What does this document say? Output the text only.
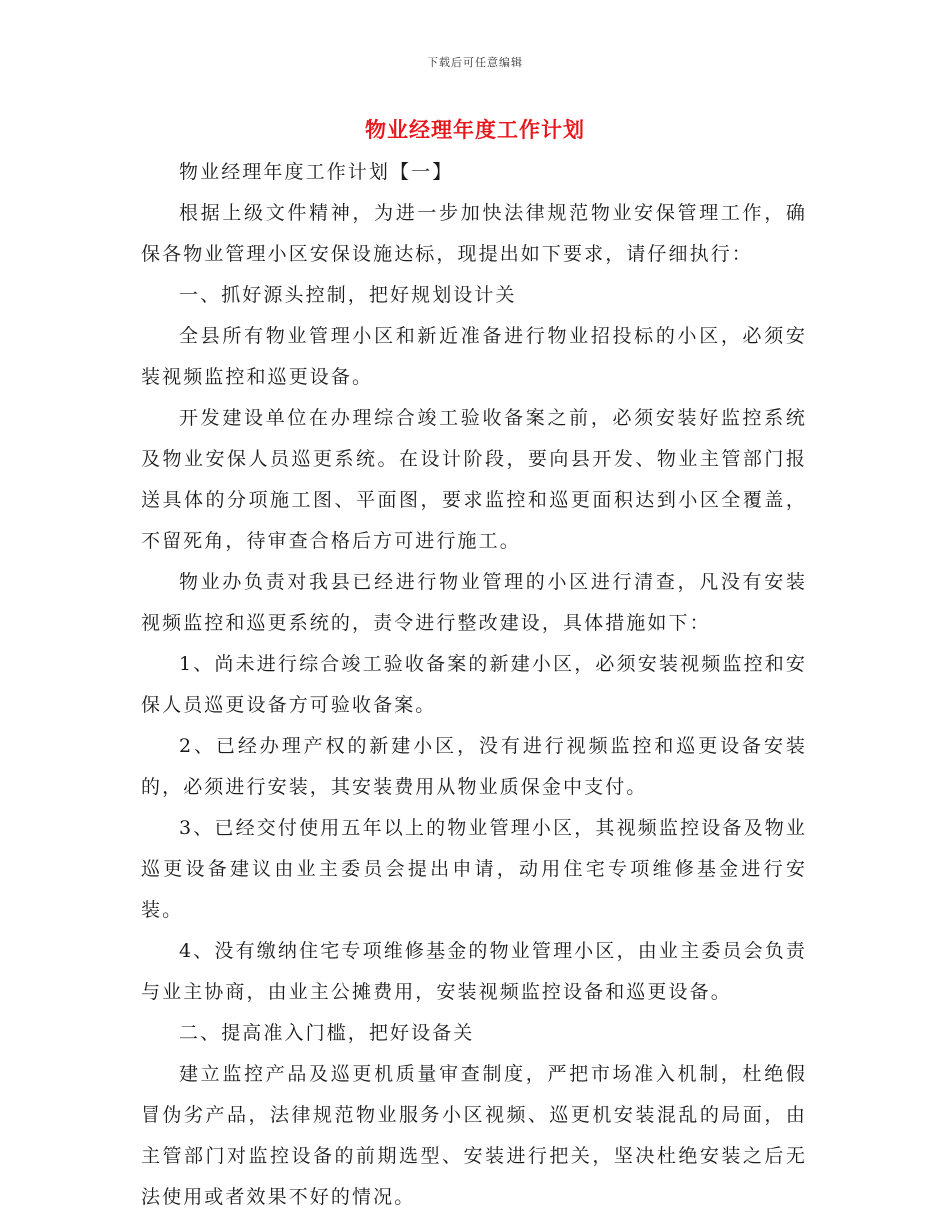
下载后可任意编辑
物业经理年度工作计划

物业经理年度工作计划【一】

根据上级文件精神，为进一步加快法律规范物业安保管理工作，确保各物业管理小区安保设施达标，现提出如下要求，请仔细执行：

一、抓好源头控制，把好规划设计关

全县所有物业管理小区和新近准备进行物业招投标的小区，必须安装视频监控和巡更设备。

开发建设单位在办理综合竣工验收备案之前，必须安装好监控系统及物业安保人员巡更系统。在设计阶段，要向县开发、物业主管部门报送具体的分项施工图、平面图，要求监控和巡更面积达到小区全覆盖，不留死角，待审查合格后方可进行施工。

物业办负责对我县已经进行物业管理的小区进行清查，凡没有安装视频监控和巡更系统的，责令进行整改建设，具体措施如下：

1、尚未进行综合竣工验收备案的新建小区，必须安装视频监控和安保人员巡更设备方可验收备案。

2、已经办理产权的新建小区，没有进行视频监控和巡更设备安装的，必须进行安装，其安装费用从物业质保金中支付。

3、已经交付使用五年以上的物业管理小区，其视频监控设备及物业巡更设备建议由业主委员会提出申请，动用住宅专项维修基金进行安装。

4、没有缴纳住宅专项维修基金的物业管理小区，由业主委员会负责与业主协商，由业主公摊费用，安装视频监控设备和巡更设备。

二、提高准入门槛，把好设备关

建立监控产品及巡更机质量审查制度，严把市场准入机制，杜绝假冒伪劣产品，法律规范物业服务小区视频、巡更机安装混乱的局面，由主管部门对监控设备的前期选型、安装进行把关，坚决杜绝安装之后无法使用或者效果不好的情况。
